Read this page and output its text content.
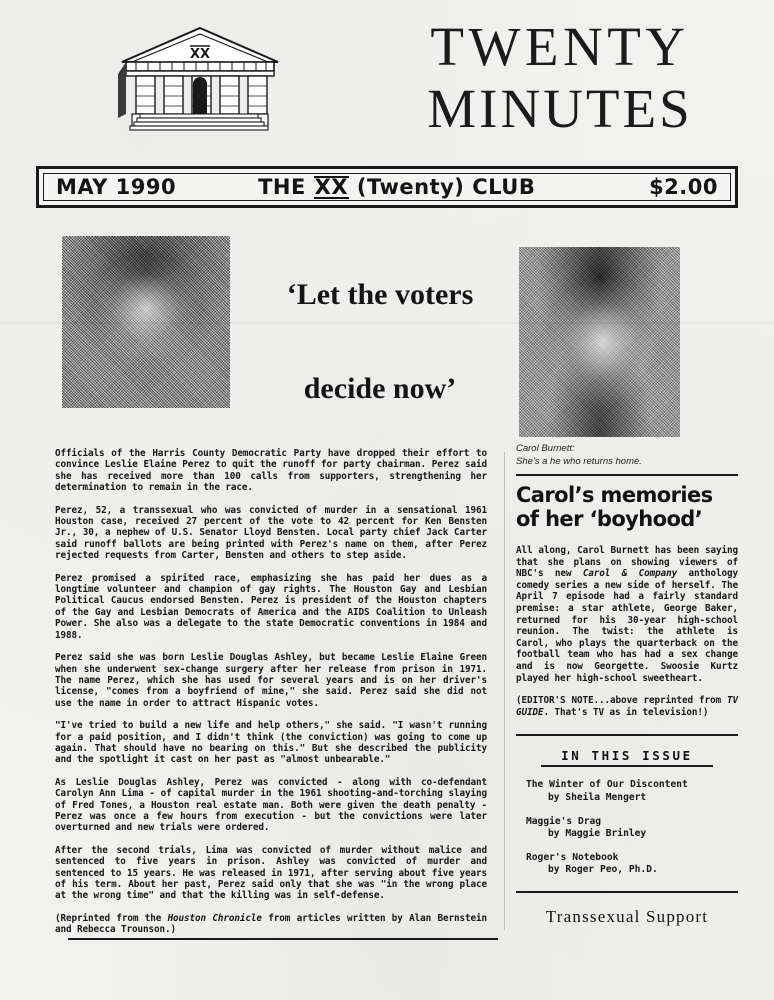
XX	TWENTY
MINUTES
MAY 1990	THE XX (Twenty) CLUB	$2.00
‘Let the voters
decide now’

Officials of the Harris County Democratic Party have dropped their effort to convince Leslie Elaine Perez to quit the runoff for party chairman. Perez said she has received more than 100 calls from supporters, strengthening her determination to remain in the race.

Perez, 52, a transsexual who was convicted of murder in a sensational 1961 Houston case, received 27 percent of the vote to 42 percent for Ken Bensten Jr., 30, a nephew of U.S. Senator Lloyd Bensten. Local party chief Jack Carter said runoff ballots are being printed with Perez's name on them, after Perez rejected requests from Carter, Bensten and others to step aside.

Perez promised a spirited race, emphasizing she has paid her dues as a longtime volunteer and champion of gay rights. The Houston Gay and Lesbian Political Caucus endorsed Bensten. Perez is president of the Houston chapters of the Gay and Lesbian Democrats of America and the AIDS Coalition to Unleash Power. She also was a delegate to the state Democratic conventions in 1984 and 1988.

Perez said she was born Leslie Douglas Ashley, but became Leslie Elaine Green when she underwent sex-change surgery after her release from prison in 1971. The name Perez, which she has used for several years and is on her driver's license, "comes from a boyfriend of mine," she said. Perez said she did not use the name in order to attract Hispanic votes.

"I've tried to build a new life and help others," she said. "I wasn't running for a paid position, and I didn't think (the conviction) was going to come up again. That should have no bearing on this." But she described the publicity and the spotlight it cast on her past as "almost unbearable."

As Leslie Douglas Ashley, Perez was convicted - along with co-defendant Carolyn Ann Lima - of capital murder in the 1961 shooting-and-torching slaying of Fred Tones, a Houston real estate man. Both were given the death penalty - Perez was once a few hours from execution - but the convictions were later overturned and new trials were ordered.

After the second trials, Lima was convicted of murder without malice and sentenced to five years in prison. Ashley was convicted of murder and sentenced to 15 years. He was released in 1971, after serving about five years of his term. About her past, Perez said only that she was "in the wrong place at the wrong time" and that the killing was in self-defense.

(Reprinted from the Houston Chronicle from articles written by Alan Bernstein and Rebecca Trounson.)

Carol Burnett:

She's a he who returns home.

Carol’s memories
of her ‘boyhood’

All along, Carol Burnett has been saying that she plans on showing viewers of NBC's new Carol & Company anthology comedy series a new side of herself. The April 7 episode had a fairly standard premise: a star athlete, George Baker, returned for his 30-year high-school reunion. The twist: the athlete is Carol, who plays the quarterback on the football team who has had a sex change and is now Georgette. Swoosie Kurtz played her high-school sweetheart.

(EDITOR'S NOTE...above reprinted from TV GUIDE. That's TV as in television!)

IN THIS ISSUE

The Winter of Our Discontent
by Sheila Mengert

Maggie's Drag
by Maggie Brinley

Roger's Notebook
by Roger Peo, Ph.D.

Transsexual Support
